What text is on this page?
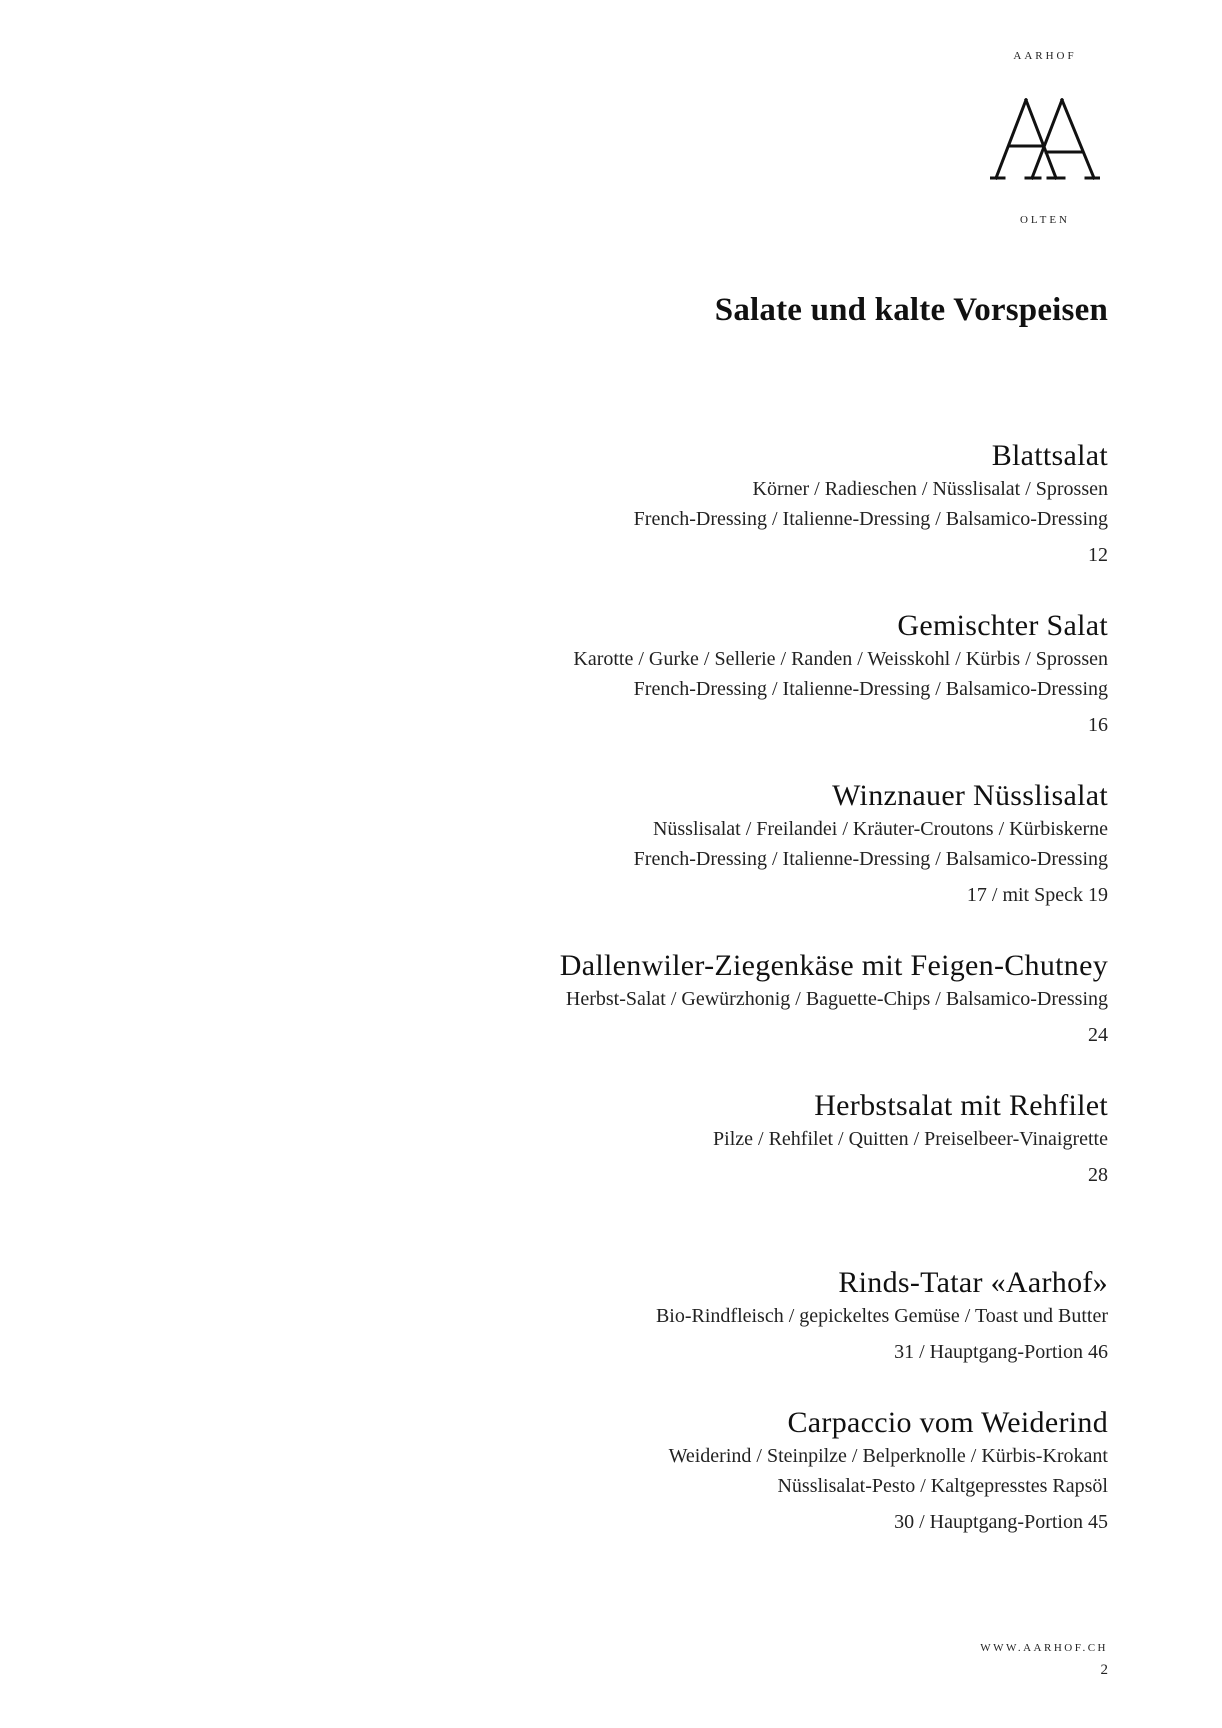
AARHOF
OLTEN
Salate und kalte Vorspeisen
Blattsalat
Körner / Radieschen / Nüsslisalat / Sprossen
French-Dressing / Italienne-Dressing / Balsamico-Dressing
12
Gemischter Salat
Karotte / Gurke / Sellerie / Randen / Weisskohl / Kürbis / Sprossen
French-Dressing / Italienne-Dressing / Balsamico-Dressing
16
Winznauer Nüsslisalat
Nüsslisalat / Freilandei / Kräuter-Croutons / Kürbiskerne
French-Dressing / Italienne-Dressing / Balsamico-Dressing
17 / mit Speck 19
Dallenwiler-Ziegenkäse mit Feigen-Chutney
Herbst-Salat / Gewürzhonig / Baguette-Chips / Balsamico-Dressing
24
Herbstsalat mit Rehfilet
Pilze / Rehfilet / Quitten / Preiselbeer-Vinaigrette
28
Rinds-Tatar «Aarhof»
Bio-Rindfleisch / gepickeltes Gemüse / Toast und Butter
31 / Hauptgang-Portion 46
Carpaccio vom Weiderind
Weiderind / Steinpilze / Belperknolle / Kürbis-Krokant
Nüsslisalat-Pesto / Kaltgepresstes Rapsöl
30 / Hauptgang-Portion 45
WWW.AARHOF.CH
2
